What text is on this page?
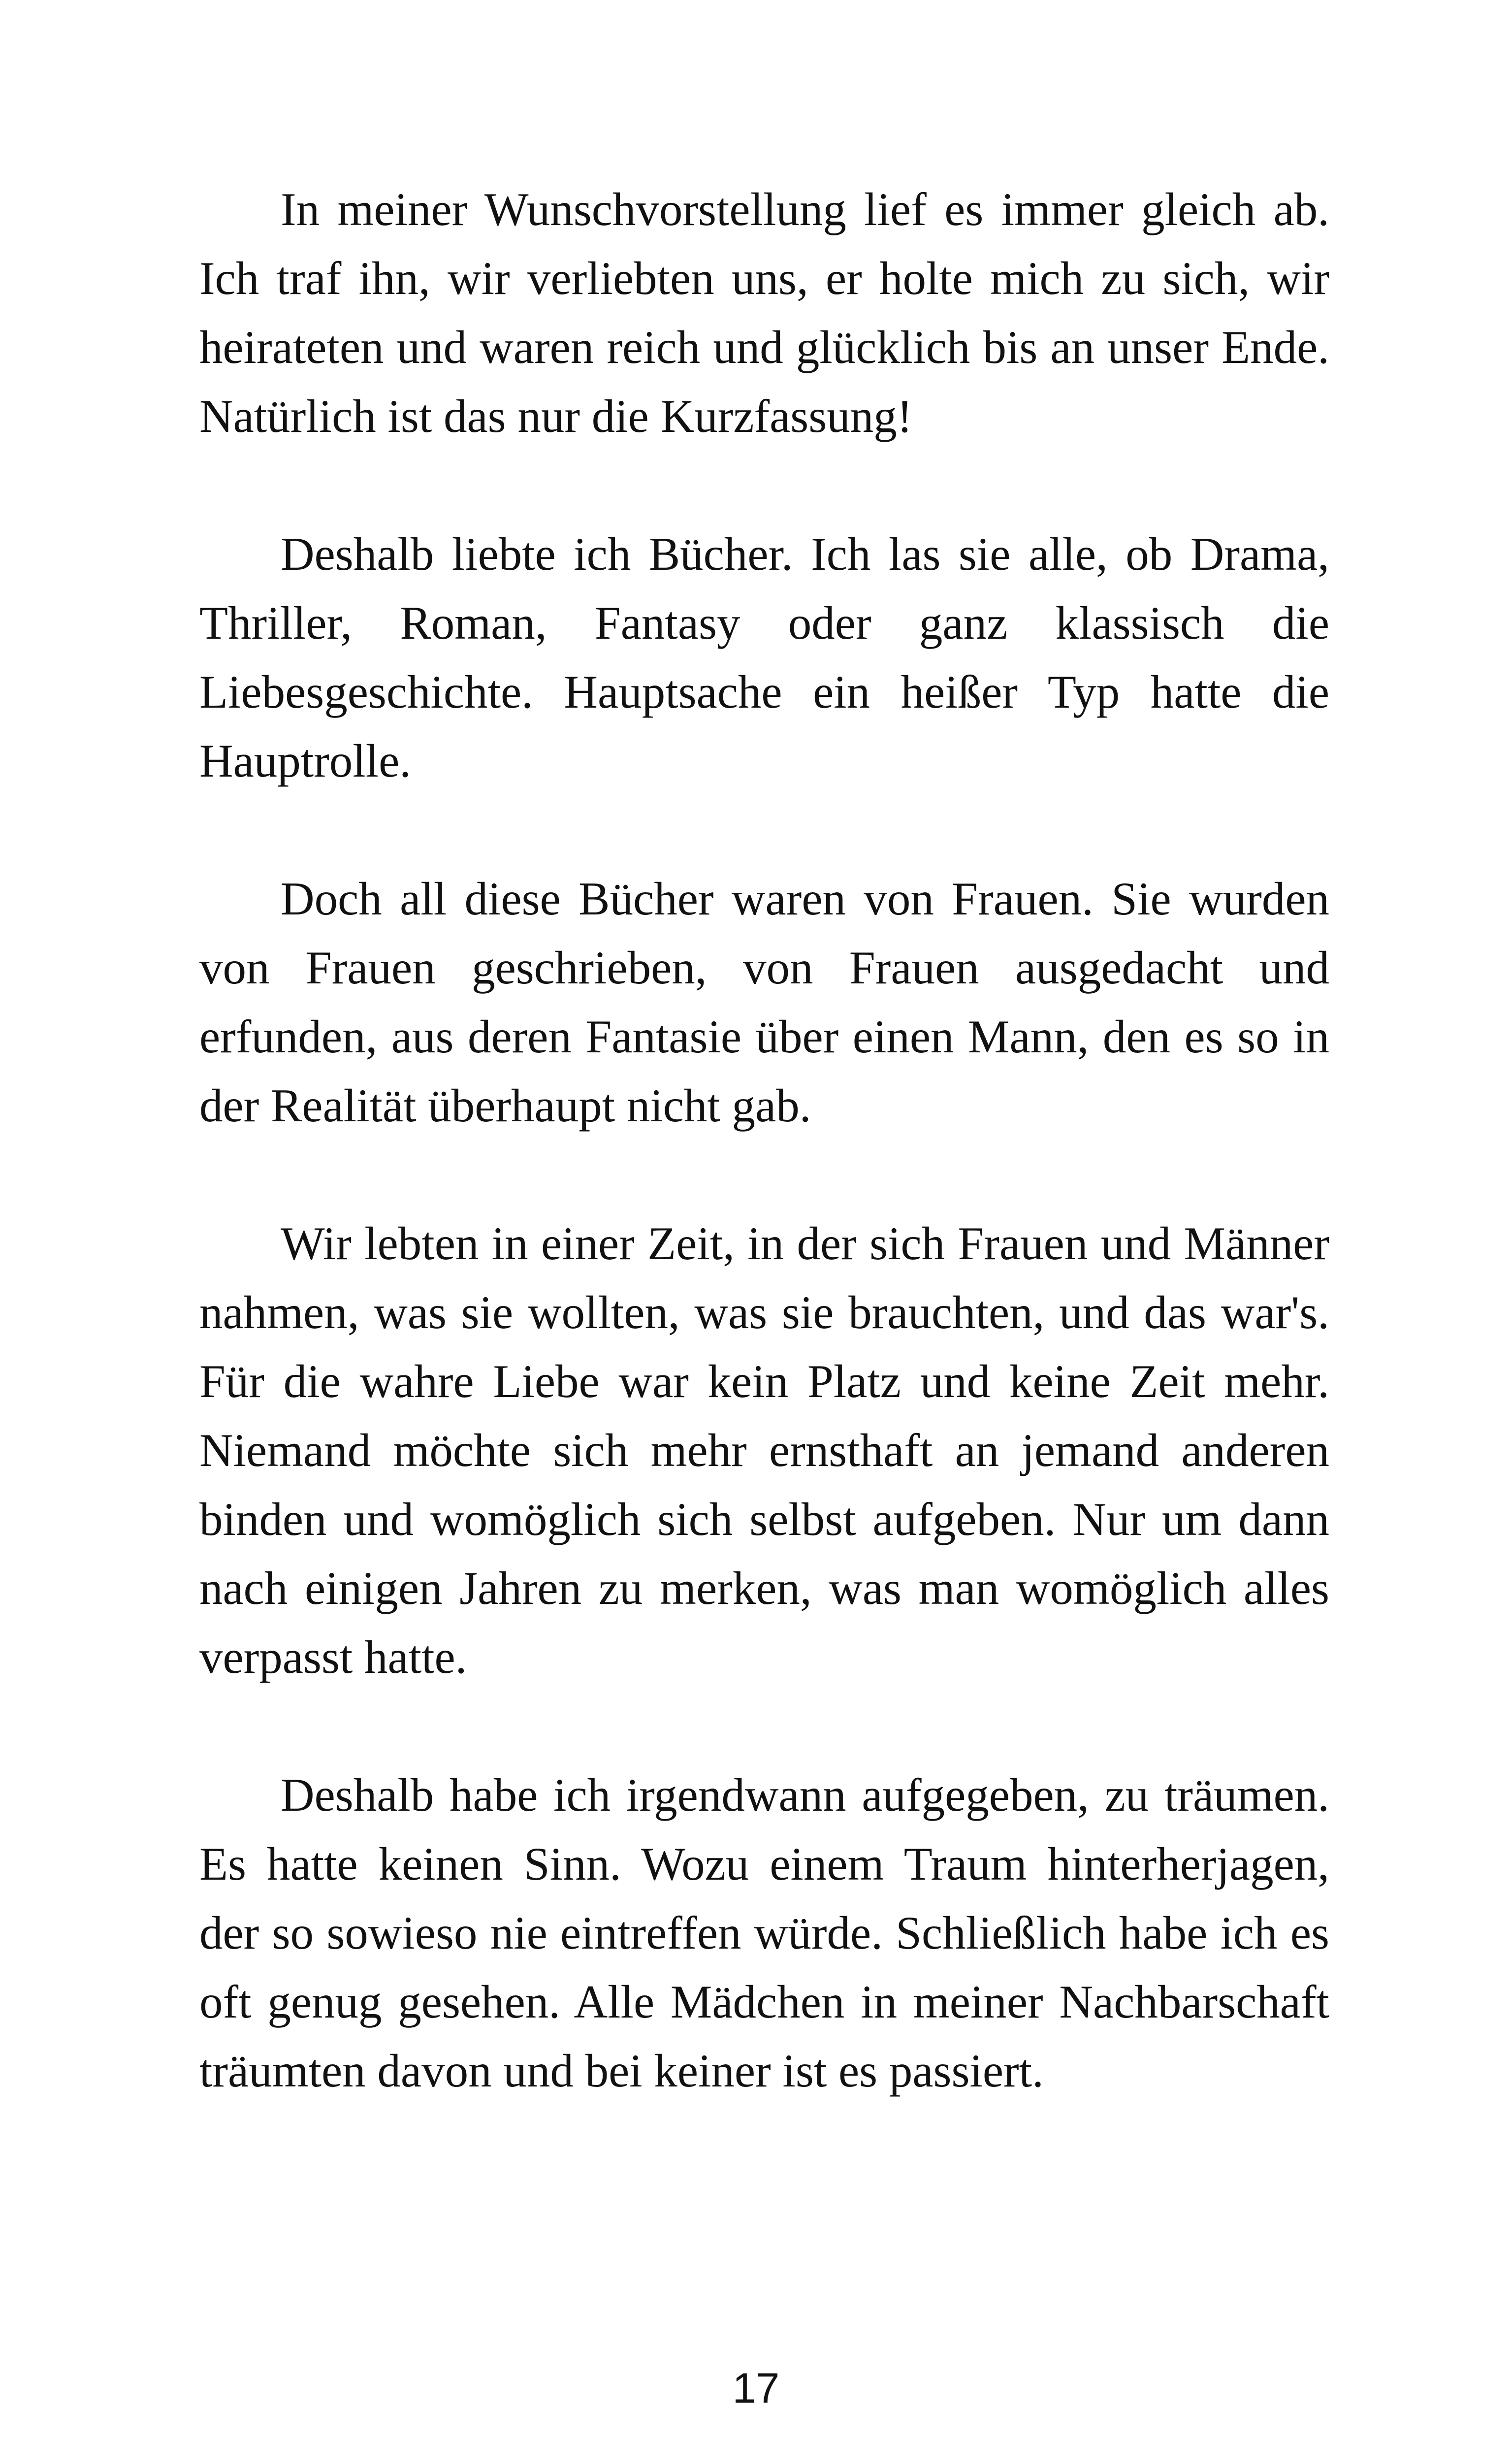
In meiner Wunschvorstellung lief es immer gleich ab. Ich traf ihn, wir verliebten uns, er holte mich zu sich, wir heirateten und waren reich und glücklich bis an unser Ende. Natürlich ist das nur die Kurzfassung!

Deshalb liebte ich Bücher. Ich las sie alle, ob Drama, Thriller, Roman, Fantasy oder ganz klassisch die Liebesgeschichte. Hauptsache ein heißer Typ hatte die Hauptrolle.

Doch all diese Bücher waren von Frauen. Sie wurden von Frauen geschrieben, von Frauen ausgedacht und erfunden, aus deren Fantasie über einen Mann, den es so in der Realität überhaupt nicht gab.

Wir lebten in einer Zeit, in der sich Frauen und Männer nahmen, was sie wollten, was sie brauchten, und das war's. Für die wahre Liebe war kein Platz und keine Zeit mehr. Niemand möchte sich mehr ernsthaft an jemand anderen binden und womöglich sich selbst aufgeben. Nur um dann nach einigen Jahren zu merken, was man womöglich alles verpasst hatte.

Deshalb habe ich irgendwann aufgegeben, zu träumen. Es hatte keinen Sinn. Wozu einem Traum hinterherjagen, der so sowieso nie eintreffen würde. Schließlich habe ich es oft genug gesehen. Alle Mädchen in meiner Nachbarschaft träumten davon und bei keiner ist es passiert.

17
